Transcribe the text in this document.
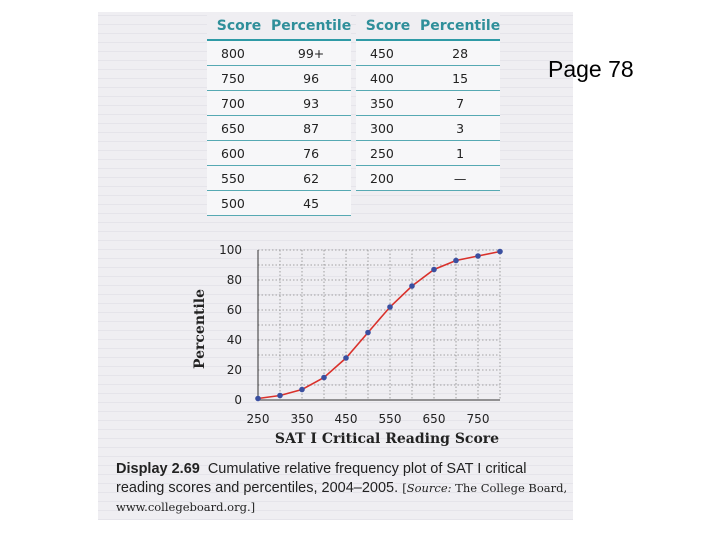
Page 78
Score	Percentile
800	99+
750	96
700	93
650	87
600	76
550	62
500	45
Score	Percentile
450	28
400	15
350	7
300	3
250	1
200	—
250 350 450 550 650 750
0
20
40
60
80
100
SAT I Critical Reading Score
Percentile
Display 2.69 Cumulative relative frequency plot of SAT I critical reading scores and percentiles, 2004–2005. [Source: The College Board, www.collegeboard.org.]
